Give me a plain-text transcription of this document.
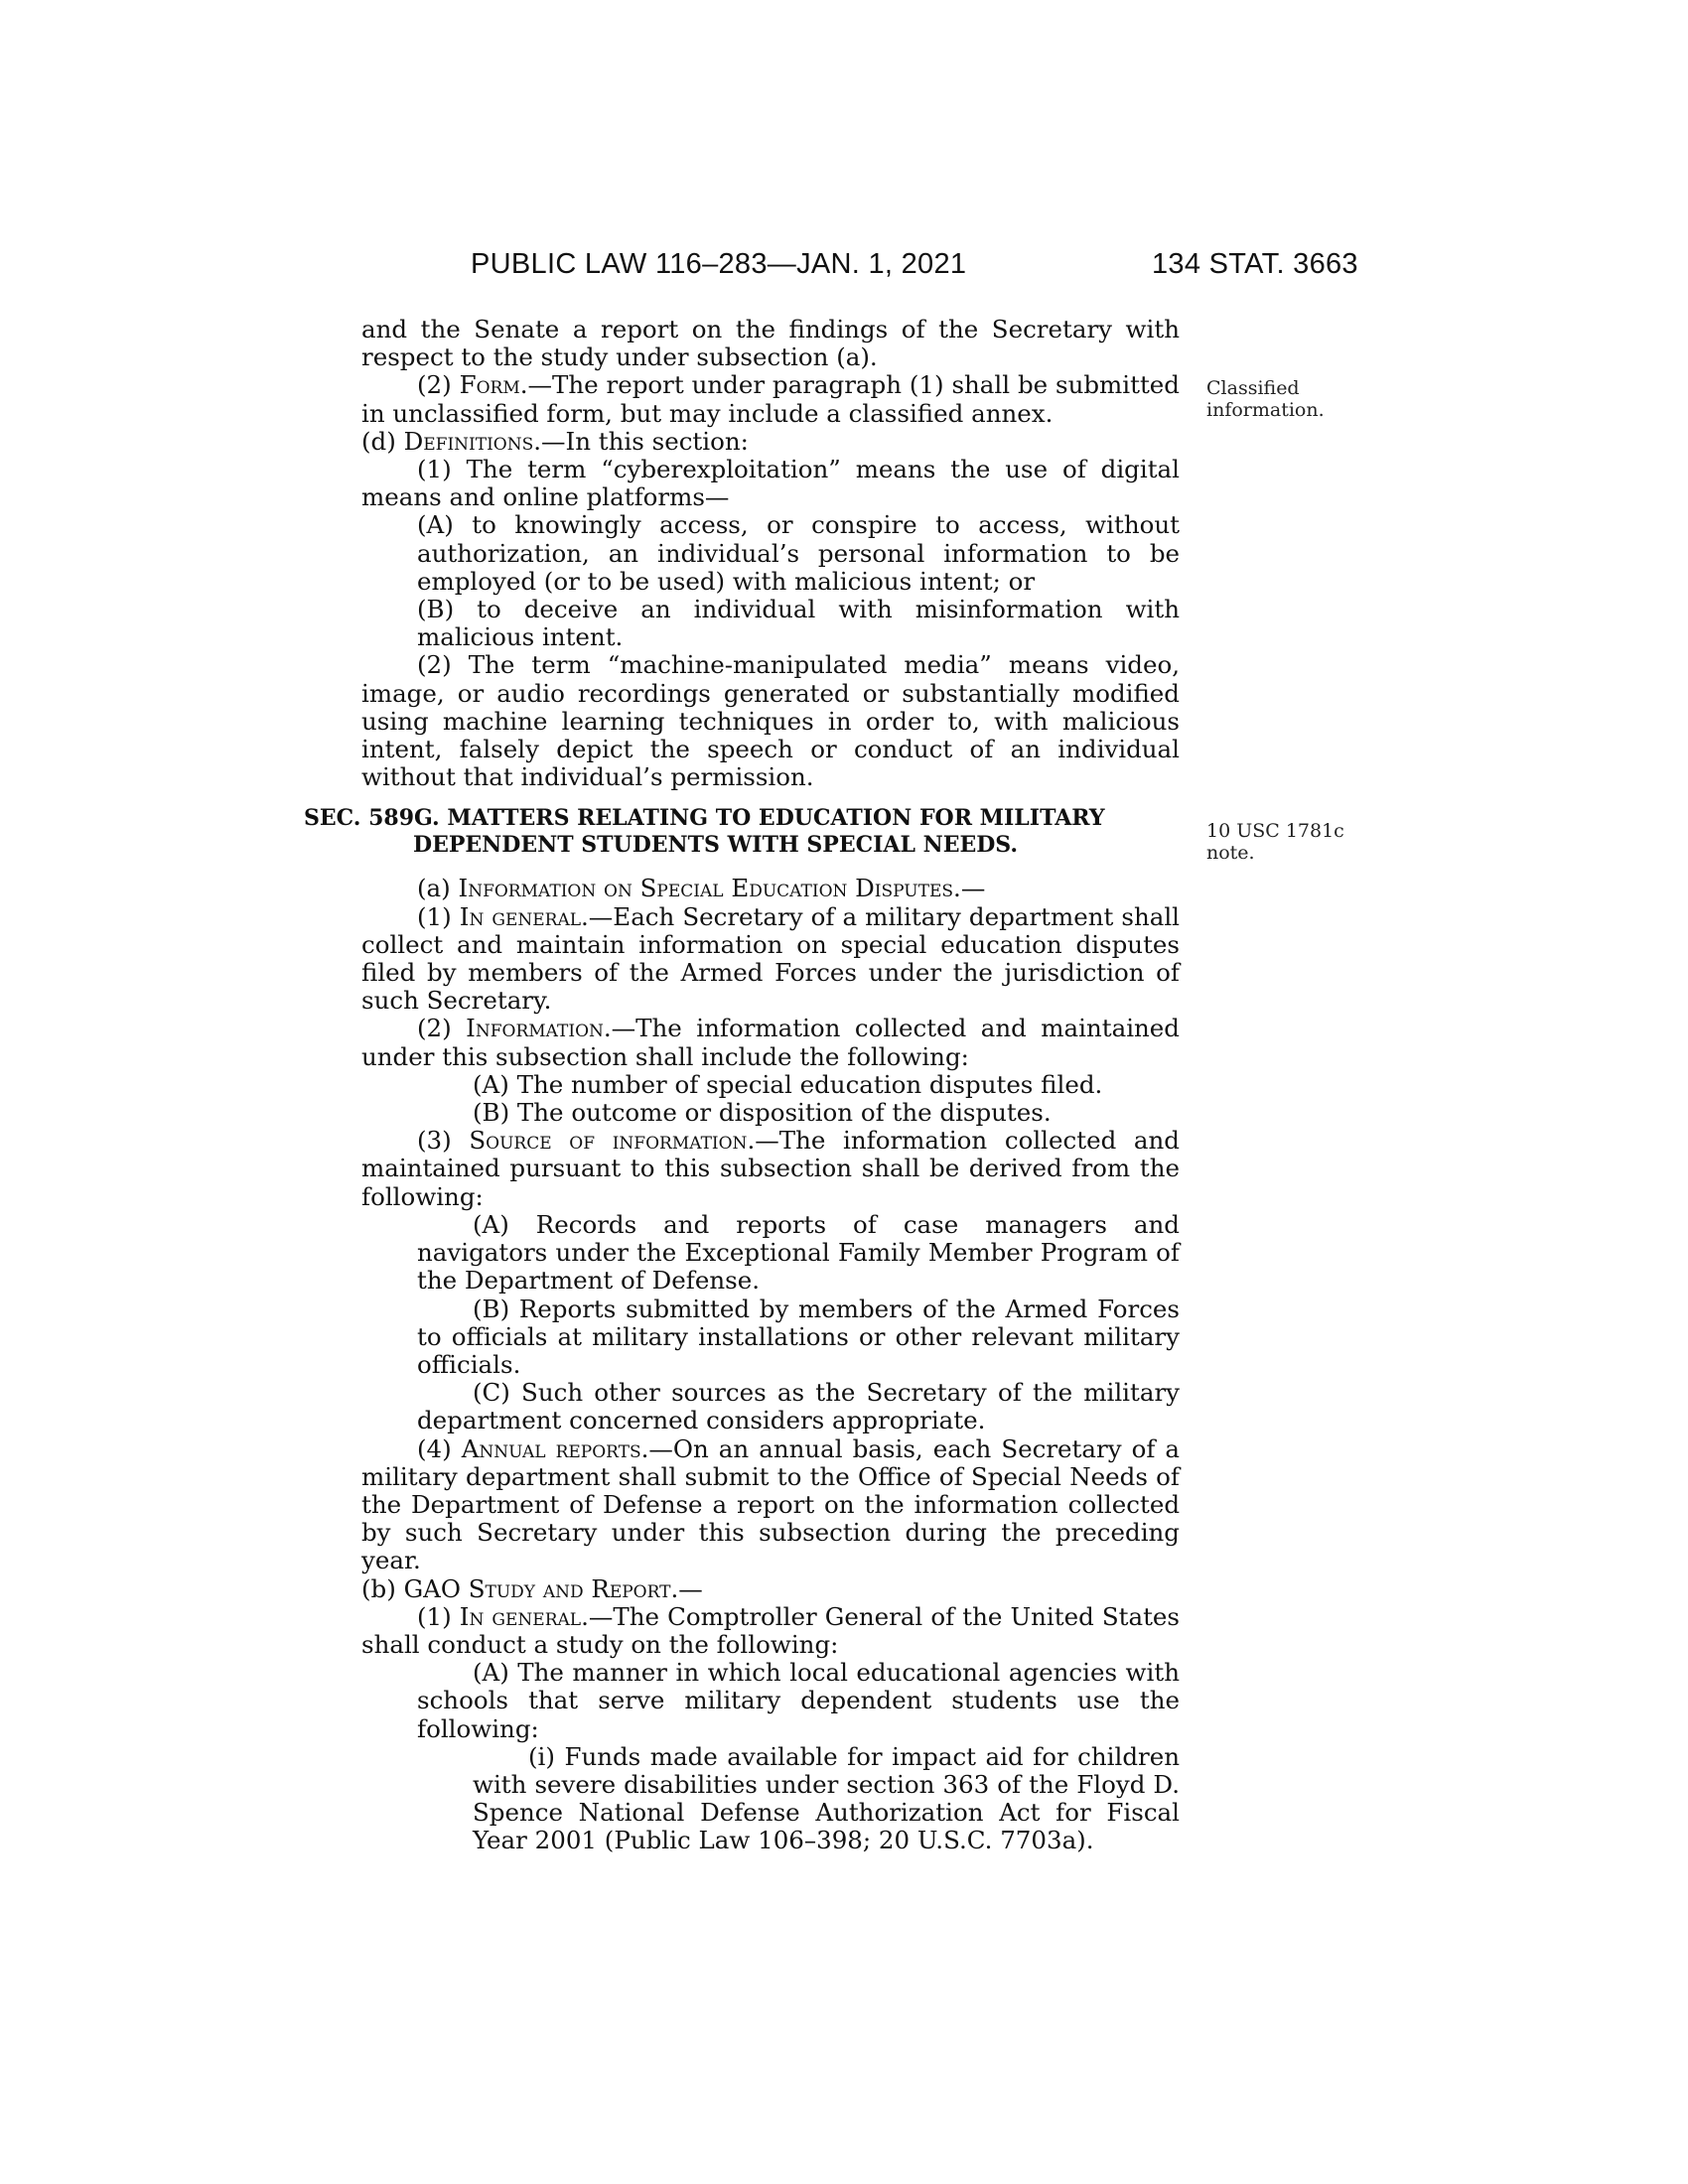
PUBLIC LAW 116–283—JAN. 1, 2021	134 STAT. 3663
Classified
information.
10 USC 1781c
note.

and the Senate a report on the findings of the Secretary with respect to the study under subsection (a).

(2) Form.—The report under paragraph (1) shall be submitted in unclassified form, but may include a classified annex.

(d) Definitions.—In this section:

(1) The term “cyberexploitation” means the use of digital means and online platforms—

(A) to knowingly access, or conspire to access, without authorization, an individual’s personal information to be employed (or to be used) with malicious intent; or

(B) to deceive an individual with misinformation with malicious intent.

(2) The term “machine-manipulated media” means video, image, or audio recordings generated or substantially modified using machine learning techniques in order to, with malicious intent, falsely depict the speech or conduct of an individual without that individual’s permission.

SEC. 589G. MATTERS RELATING TO EDUCATION FOR MILITARY
DEPENDENT STUDENTS WITH SPECIAL NEEDS.

(a) Information on Special Education Disputes.—

(1) In general.—Each Secretary of a military department shall collect and maintain information on special education disputes filed by members of the Armed Forces under the jurisdiction of such Secretary.

(2) Information.—The information collected and maintained under this subsection shall include the following:

(A) The number of special education disputes filed.

(B) The outcome or disposition of the disputes.

(3) Source of information.—The information collected and maintained pursuant to this subsection shall be derived from the following:

(A) Records and reports of case managers and navigators under the Exceptional Family Member Program of the Department of Defense.

(B) Reports submitted by members of the Armed Forces to officials at military installations or other relevant military officials.

(C) Such other sources as the Secretary of the military department concerned considers appropriate.

(4) Annual reports.—On an annual basis, each Secretary of a military department shall submit to the Office of Special Needs of the Department of Defense a report on the information collected by such Secretary under this subsection during the preceding year.

(b) GAO Study and Report.—

(1) In general.—The Comptroller General of the United States shall conduct a study on the following:

(A) The manner in which local educational agencies with schools that serve military dependent students use the following:

(i) Funds made available for impact aid for children with severe disabilities under section 363 of the Floyd D. Spence National Defense Authorization Act for Fiscal Year 2001 (Public Law 106–398; 20 U.S.C. 7703a).
